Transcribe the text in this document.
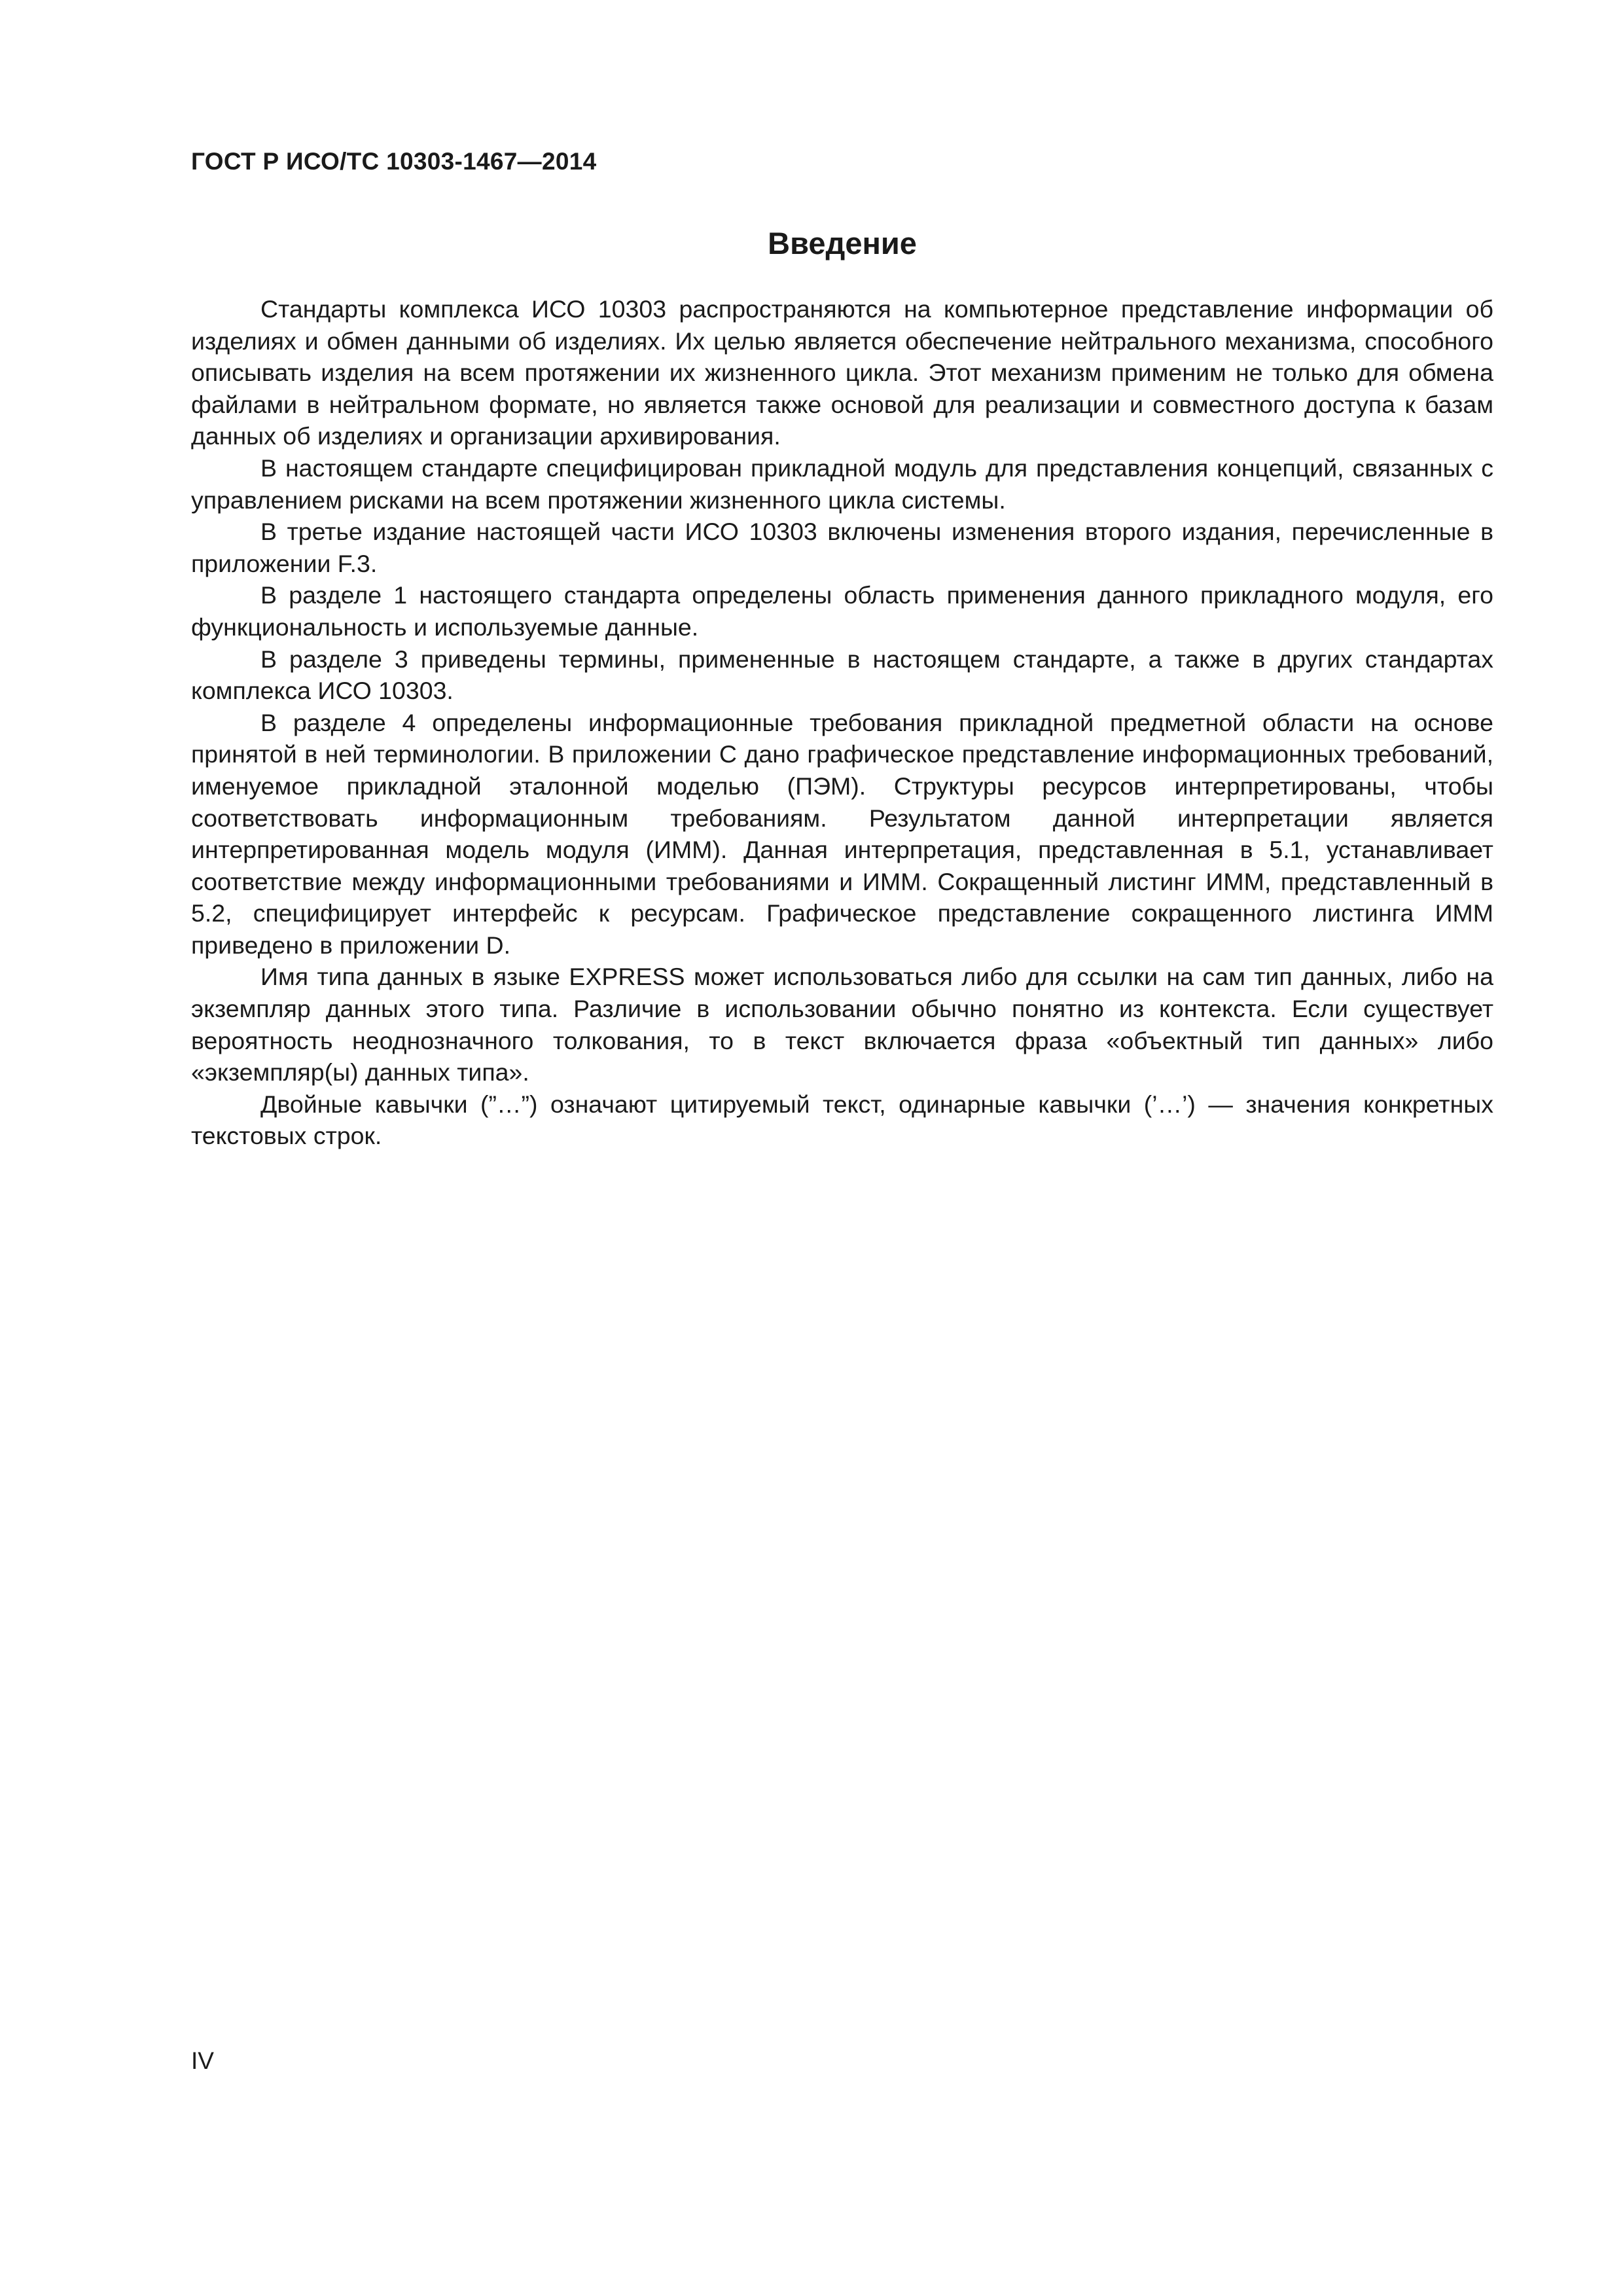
ГОСТ Р ИСО/ТС 10303-1467—2014

Введение

Стандарты комплекса ИСО 10303 распространяются на компьютерное представление информации об изделиях и обмен данными об изделиях. Их целью является обеспечение нейтрального механизма, способного описывать изделия на всем протяжении их жизненного цикла. Этот механизм применим не только для обмена файлами в нейтральном формате, но является также основой для реализации и совместного доступа к базам данных об изделиях и организации архивирования.

В настоящем стандарте специфицирован прикладной модуль для представления концепций, связанных с управлением рисками на всем протяжении жизненного цикла системы.

В третье издание настоящей части ИСО 10303 включены изменения второго издания, перечисленные в приложении F.3.

В разделе 1 настоящего стандарта определены область применения данного прикладного модуля, его функциональность и используемые данные.

В разделе 3 приведены термины, примененные в настоящем стандарте, а также в других стандартах комплекса ИСО 10303.

В разделе 4 определены информационные требования прикладной предметной области на основе принятой в ней терминологии. В приложении С дано графическое представление информационных требований, именуемое прикладной эталонной моделью (ПЭМ). Структуры ресурсов интерпретированы, чтобы соответствовать информационным требованиям. Результатом данной интерпретации является интерпретированная модель модуля (ИММ). Данная интерпретация, представленная в 5.1, устанавливает соответствие между информационными требованиями и ИММ. Сокращенный листинг ИММ, представленный в 5.2, специфицирует интерфейс к ресурсам. Графическое представление сокращенного листинга ИММ приведено в приложении D.

Имя типа данных в языке EXPRESS может использоваться либо для ссылки на сам тип данных, либо на экземпляр данных этого типа. Различие в использовании обычно понятно из контекста. Если существует вероятность неоднозначного толкования, то в текст включается фраза «объектный тип данных» либо «экземпляр(ы) данных типа».

Двойные кавычки (”…”) означают цитируемый текст, одинарные кавычки (’…’) — значения конкретных текстовых строк.

IV
